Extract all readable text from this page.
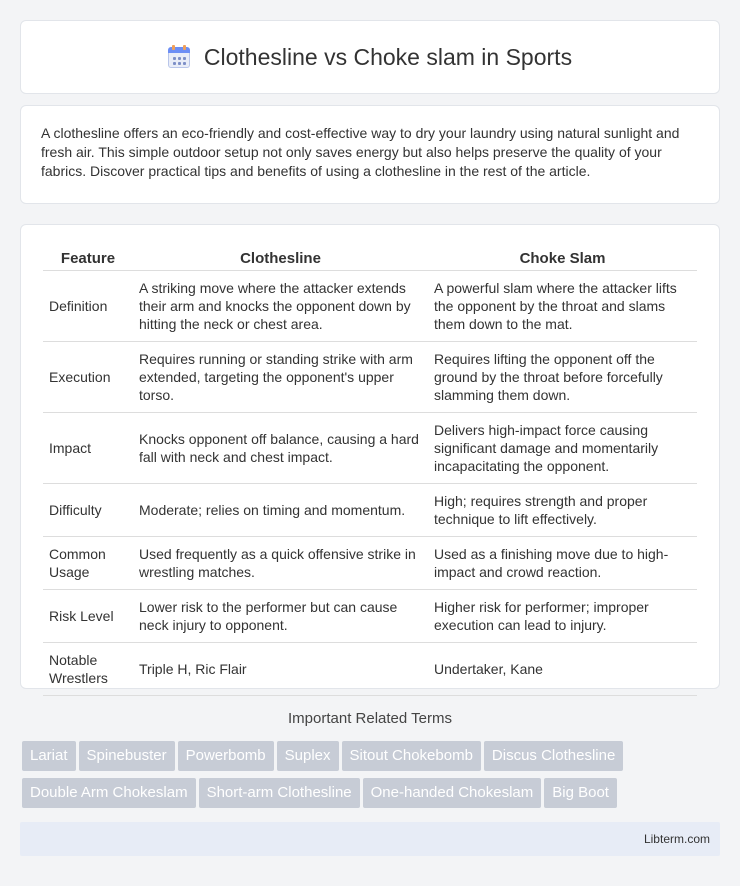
Clothesline vs Choke slam in Sports

A clothesline offers an eco-friendly and cost-effective way to dry your laundry using natural sunlight and fresh air. This simple outdoor setup not only saves energy but also helps preserve the quality of your fabrics. Discover practical tips and benefits of using a clothesline in the rest of the article.

Feature	Clothesline	Choke Slam
Definition	A striking move where the attacker extends their arm and knocks the opponent down by hitting the neck or chest area.	A powerful slam where the attacker lifts the opponent by the throat and slams them down to the mat.
Execution	Requires running or standing strike with arm extended, targeting the opponent's upper torso.	Requires lifting the opponent off the ground by the throat before forcefully slamming them down.
Impact	Knocks opponent off balance, causing a hard fall with neck and chest impact.	Delivers high-impact force causing significant damage and momentarily incapacitating the opponent.
Difficulty	Moderate; relies on timing and momentum.	High; requires strength and proper technique to lift effectively.
Common Usage	Used frequently as a quick offensive strike in wrestling matches.	Used as a finishing move due to high-impact and crowd reaction.
Risk Level	Lower risk to the performer but can cause neck injury to opponent.	Higher risk for performer; improper execution can lead to injury.
Notable Wrestlers	Triple H, Ric Flair	Undertaker, Kane
Important Related Terms
Lariat Spinebuster Powerbomb Suplex Sitout Chokebomb Discus Clothesline
Double Arm Chokeslam Short-arm Clothesline One-handed Chokeslam Big Boot
Libterm.com
